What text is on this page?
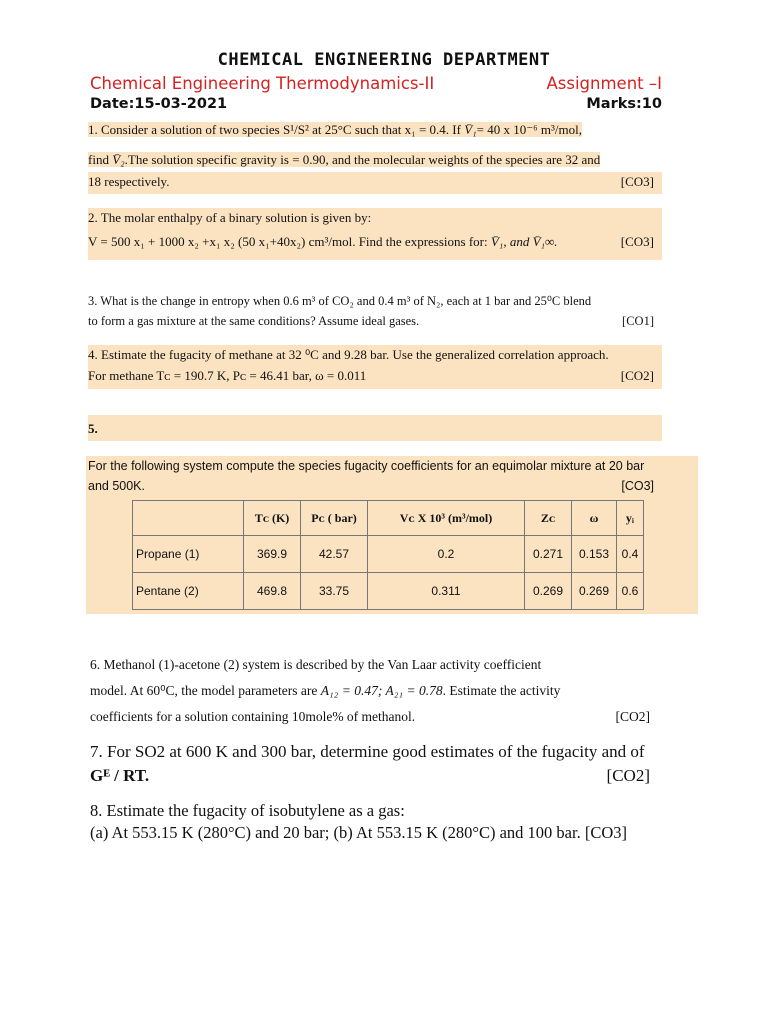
CHEMICAL ENGINEERING DEPARTMENT
Chemical Engineering Thermodynamics-II	Assignment –I
Date:15-03-2021	Marks:10
1. Consider a solution of two species S¹/S² at 25°C such that x₁ = 0.4. If V̄₁= 40 x 10⁻⁶ m³/mol,
find V̄₂.The solution specific gravity is = 0.90, and the molecular weights of the species are 32 and
18 respectively.	[CO3]
2. The molar enthalpy of a binary solution is given by:
V = 500 x₁ + 1000 x₂ +x₁ x₂ (50 x₁+40x₂) cm³/mol. Find the expressions for: V̄₁, and V̄₁∞.	[CO3]
3. What is the change in entropy when 0.6 m³ of CO₂ and 0.4 m³ of N₂, each at 1 bar and 25⁰C blend
to form a gas mixture at the same conditions? Assume ideal gases.	[CO1]
4. Estimate the fugacity of methane at 32 ⁰C and 9.28 bar. Use the generalized correlation approach.
For methane Tᴄ = 190.7 K, Pᴄ = 46.41 bar, ω = 0.011	[CO2]
5.
For the following system compute the species fugacity coefficients for an equimolar mixture at 20 bar
and 500K.	[CO3]
	Tᴄ (K)	Pᴄ ( bar)	Vᴄ X 10³ (m³/mol)	Zᴄ	ω	yᵢ
Propane (1)	369.9	42.57	0.2	0.271	0.153	0.4
Pentane (2)	469.8	33.75	0.311	0.269	0.269	0.6
6. Methanol (1)-acetone (2) system is described by the Van Laar activity coefficient
model. At 60⁰C, the model parameters are A₁₂ = 0.47; A₂₁ = 0.78. Estimate the activity
coefficients for a solution containing 10mole% of methanol.	[CO2]
7. For SO2 at 600 K and 300 bar, determine good estimates of the fugacity and of
Gᴱ / RT.	[CO2]
8. Estimate the fugacity of isobutylene as a gas:
(a) At 553.15 K (280°C) and 20 bar; (b) At 553.15 K (280°C) and 100 bar. [CO3]
